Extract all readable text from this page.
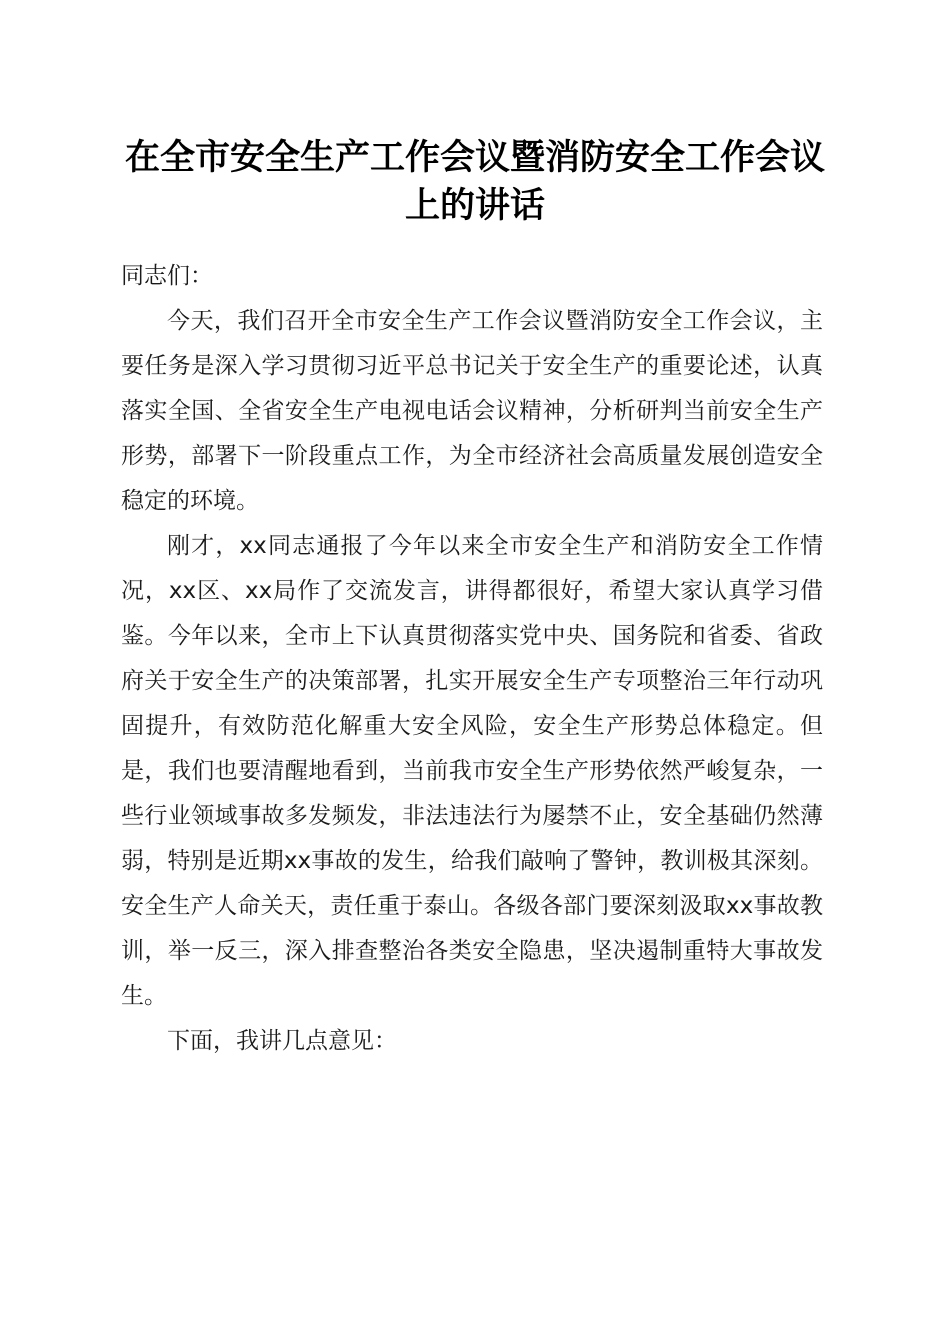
在全市安全生产工作会议暨消防安全工作会议
上的讲话

同志们：

今天，我们召开全市安全生产工作会议暨消防安全工作会议，主要任务是深入学习贯彻习近平总书记关于安全生产的重要论述，认真落实全国、全省安全生产电视电话会议精神，分析研判当前安全生产形势，部署下一阶段重点工作，为全市经济社会高质量发展创造安全稳定的环境。

刚才，xx同志通报了今年以来全市安全生产和消防安全工作情况，xx区、xx局作了交流发言，讲得都很好，希望大家认真学习借鉴。今年以来，全市上下认真贯彻落实党中央、国务院和省委、省政府关于安全生产的决策部署，扎实开展安全生产专项整治三年行动巩固提升，有效防范化解重大安全风险，安全生产形势总体稳定。但是，我们也要清醒地看到，当前我市安全生产形势依然严峻复杂，一些行业领域事故多发频发，非法违法行为屡禁不止，安全基础仍然薄弱，特别是近期xx事故的发生，给我们敲响了警钟，教训极其深刻。安全生产人命关天，责任重于泰山。各级各部门要深刻汲取xx事故教训，举一反三，深入排查整治各类安全隐患，坚决遏制重特大事故发生。

下面，我讲几点意见：
